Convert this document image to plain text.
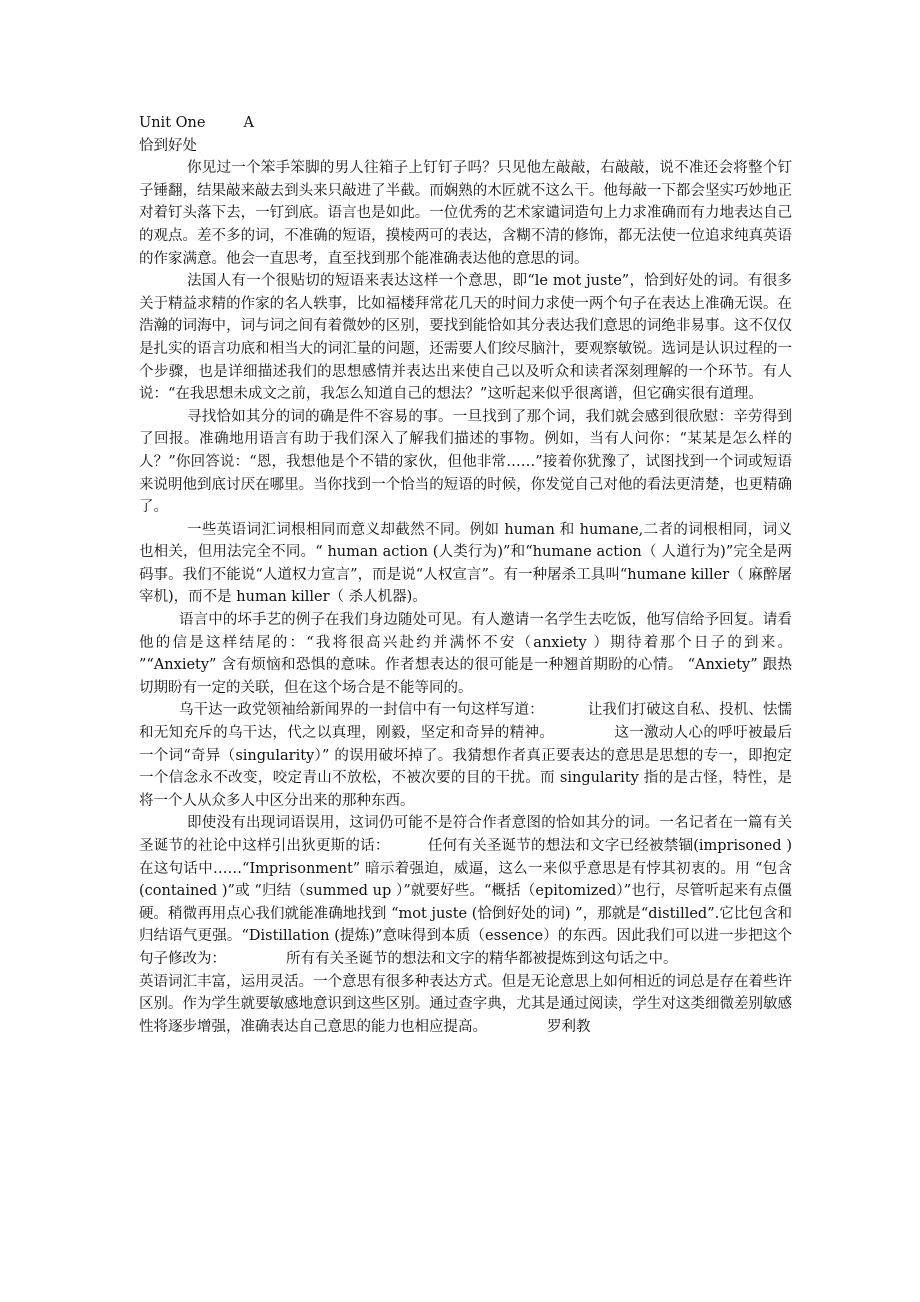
Unit One	A

恰到好处

你见过一个笨手笨脚的男人往箱子上钉钉子吗？只见他左敲敲，右敲敲，说不准还会将整个钉子锤翻，结果敲来敲去到头来只敲进了半截。而娴熟的木匠就不这么干。他每敲一下都会坚实巧妙地正对着钉头落下去，一钉到底。语言也是如此。一位优秀的艺术家谴词造句上力求准确而有力地表达自己的观点。差不多的词，不准确的短语，摸棱两可的表达，含糊不清的修饰，都无法使一位追求纯真英语的作家满意。他会一直思考，直至找到那个能准确表达他的意思的词。

法国人有一个很贴切的短语来表达这样一个意思，即“le mot juste”，恰到好处的词。有很多关于精益求精的作家的名人轶事，比如福楼拜常花几天的时间力求使一两个句子在表达上准确无误。在浩瀚的词海中，词与词之间有着微妙的区别，要找到能恰如其分表达我们意思的词绝非易事。这不仅仅是扎实的语言功底和相当大的词汇量的问题，还需要人们绞尽脑汁，要观察敏锐。选词是认识过程的一个步骤，也是详细描述我们的思想感情并表达出来使自己以及听众和读者深刻理解的一个环节。有人说：“在我思想未成文之前，我怎么知道自己的想法？”这听起来似乎很离谱，但它确实很有道理。

寻找恰如其分的词的确是件不容易的事。一旦找到了那个词，我们就会感到很欣慰：辛劳得到了回报。准确地用语言有助于我们深入了解我们描述的事物。例如，当有人问你：“某某是怎么样的人？”你回答说：“恩，我想他是个不错的家伙，但他非常……”接着你犹豫了，试图找到一个词或短语来说明他到底讨厌在哪里。当你找到一个恰当的短语的时候，你发觉自己对他的看法更清楚，也更精确了。

一些英语词汇词根相同而意义却截然不同。例如 human 和 humane,二者的词根相同，词义也相关，但用法完全不同。“ human action (人类行为)”和“humane action（ 人道行为)”完全是两码事。我们不能说“人道权力宣言”，而是说“人权宣言”。有一种屠杀工具叫“humane killer（ 麻醉屠宰机)，而不是 human killer（ 杀人机器)。

语言中的坏手艺的例子在我们身边随处可见。有人邀请一名学生去吃饭，他写信给予回复。请看他的信是这样结尾的：“我将很高兴赴约并满怀不安（anxiety ）期待着那个日子的到来。 ”“Anxiety” 含有烦恼和恐惧的意味。作者想表达的很可能是一种翘首期盼的心情。 “Anxiety” 跟热切期盼有一定的关联，但在这个场合是不能等同的。

乌干达一政党领袖给新闻界的一封信中有一句这样写道：	让我们打破这自私、投机、怯懦和无知充斥的乌干达，代之以真理，刚毅，坚定和奇异的精神。	这一激动人心的呼吁被最后一个词“奇异（singularity）” 的误用破坏掉了。我猜想作者真正要表达的意思是思想的专一，即抱定一个信念永不改变，咬定青山不放松，不被次要的目的干扰。而 singularity 指的是古怪，特性，是将一个人从众多人中区分出来的那种东西。

即使没有出现词语误用，这词仍可能不是符合作者意图的恰如其分的词。一名记者在一篇有关圣诞节的社论中这样引出狄更斯的话：	任何有关圣诞节的想法和文字已经被禁锢(imprisoned )在这句话中……“Imprisonment” 暗示着强迫，威逼，这么一来似乎意思是有悖其初衷的。用 “包含(contained )”或 “归结（summed up ）”就要好些。“概括（epitomized）”也行，尽管听起来有点僵硬。稍微再用点心我们就能准确地找到 “mot juste (恰倒好处的词) ”，那就是“distilled”.它比包含和归结语气更强。“Distillation (提炼)”意味得到本质（essence）的东西。因此我们可以进一步把这个句子修改为：	所有有关圣诞节的想法和文字的精华都被提炼到这句话之中。

英语词汇丰富，运用灵活。一个意思有很多种表达方式。但是无论意思上如何相近的词总是存在着些许区别。作为学生就要敏感地意识到这些区别。通过查字典，尤其是通过阅读，学生对这类细微差别敏感性将逐步增强，准确表达自己意思的能力也相应提高。	罗利教
